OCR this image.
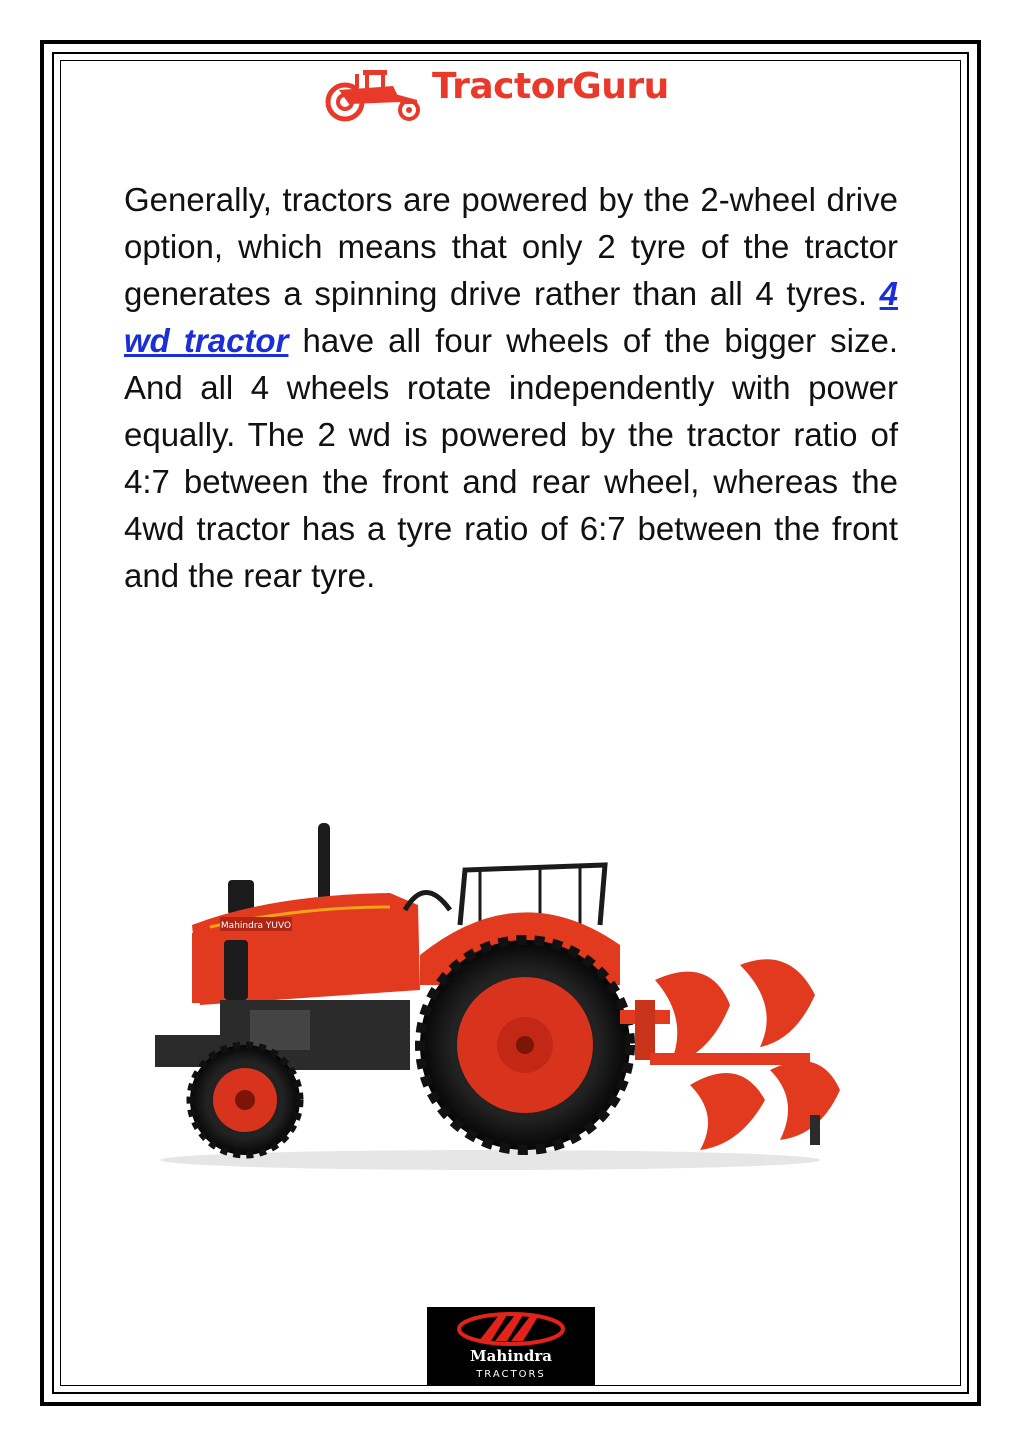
TractorGuru

Generally, tractors are powered by the 2-wheel drive option, which means that only 2 tyre of the tractor generates a spinning drive rather than all 4 tyres. 4 wd tractor have all four wheels of the bigger size. And all 4 wheels rotate independently with power equally. The 2 wd is powered by the tractor ratio of 4:7 between the front and rear wheel, whereas the 4wd tractor has a tyre ratio of 6:7 between the front and the rear tyre.

Mahindra YUVO
Mahindra
TRACTORS
